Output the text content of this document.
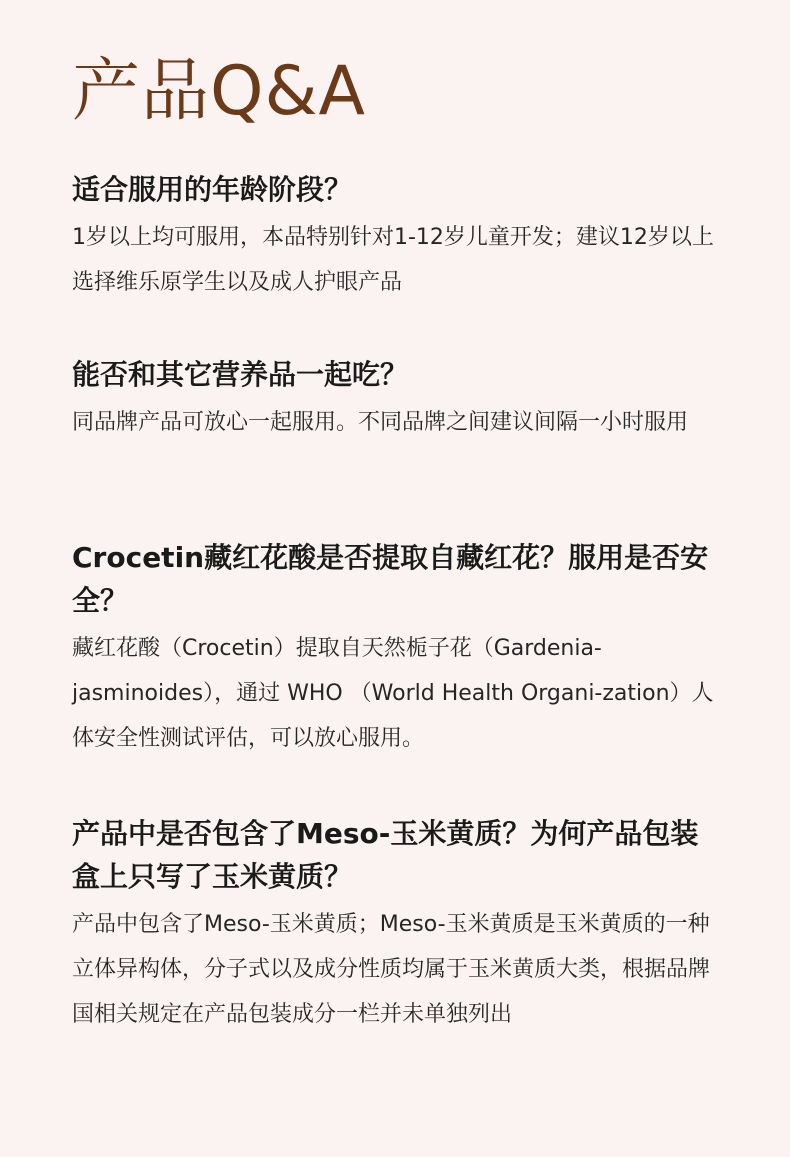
产品Q&A
适合服用的年龄阶段？

1岁以上均可服用，本品特别针对1-12岁儿童开发；建议12岁以上选择维乐原学生以及成人护眼产品

能否和其它营养品一起吃？

同品牌产品可放心一起服用。不同品牌之间建议间隔一小时服用

Crocetin藏红花酸是否提取自藏红花？服用是否安全？

藏红花酸（Crocetin）提取自天然栀子花（Gardenia-jasminoides），通过 WHO （World Health Organi-zation）人体安全性测试评估，可以放心服用。

产品中是否包含了Meso-玉米黄质？为何产品包装盒上只写了玉米黄质？

产品中包含了Meso-玉米黄质；Meso-玉米黄质是玉米黄质的一种立体异构体，分子式以及成分性质均属于玉米黄质大类，根据品牌国相关规定在产品包装成分一栏并未单独列出
